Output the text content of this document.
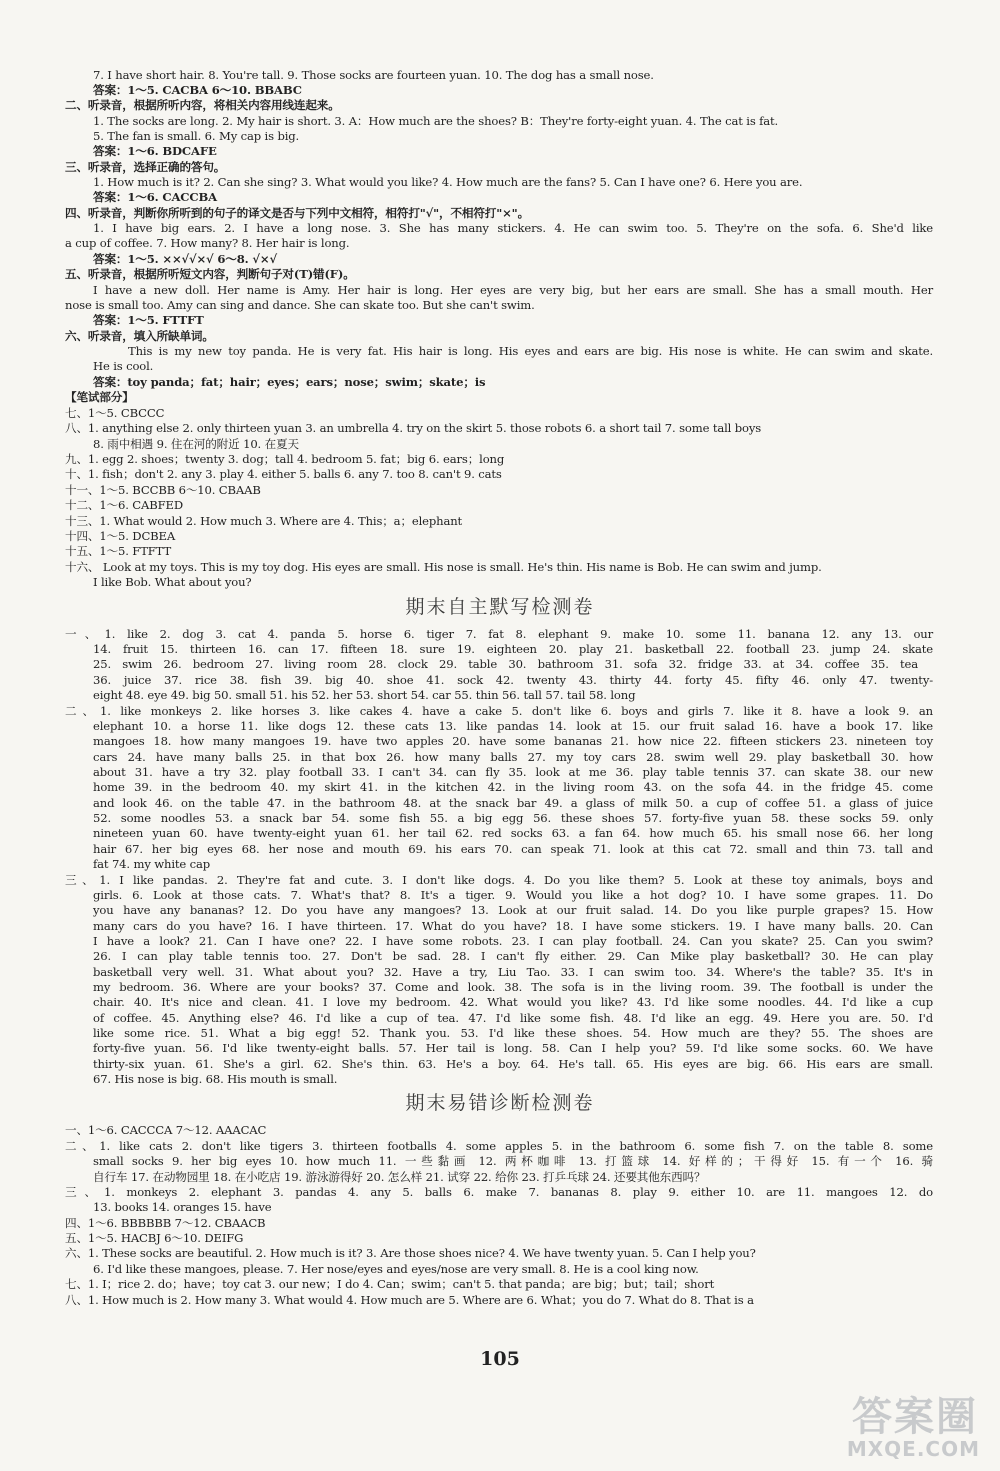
7. I have short hair. 8. You're tall. 9. Those socks are fourteen yuan. 10. The dog has a small nose.
答案：1～5. CACBA 6～10. BBABC
二、听录音，根据所听内容，将相关内容用线连起来。
1. The socks are long. 2. My hair is short. 3. A：How much are the shoes? B：They're forty-eight yuan. 4. The cat is fat.
5. The fan is small. 6. My cap is big.
答案：1～6. BDCAFE
三、听录音，选择正确的答句。
1. How much is it? 2. Can she sing? 3. What would you like? 4. How much are the fans? 5. Can I have one? 6. Here you are.
答案：1～6. CACCBA
四、听录音，判断你所听到的句子的译文是否与下列中文相符，相符打"√"，不相符打"×"。
1. I have big ears. 2. I have a long nose. 3. She has many stickers. 4. He can swim too. 5. They're on the sofa. 6. She'd like
a cup of coffee. 7. How many? 8. Her hair is long.
答案：1～5. ××√√×√ 6～8. √×√
五、听录音，根据所听短文内容，判断句子对(T)错(F)。
I have a new doll. Her name is Amy. Her hair is long. Her eyes are very big, but her ears are small. She has a small mouth. Her
nose is small too. Amy can sing and dance. She can skate too. But she can't swim.
答案：1～5. FTTFT
六、听录音，填入所缺单词。
This is my new toy panda. He is very fat. His hair is long. His eyes and ears are big. His nose is white. He can swim and skate.
He is cool.
答案：toy panda；fat；hair；eyes；ears；nose；swim；skate；is
【笔试部分】
七、1～5. CBCCC
八、1. anything else 2. only thirteen yuan 3. an umbrella 4. try on the skirt 5. those robots 6. a short tail 7. some tall boys
8. 雨中相遇 9. 住在河的附近 10. 在夏天
九、1. egg 2. shoes；twenty 3. dog；tall 4. bedroom 5. fat；big 6. ears；long
十、1. fish；don't 2. any 3. play 4. either 5. balls 6. any 7. too 8. can't 9. cats
十一、1～5. BCCBB 6～10. CBAAB
十二、1～6. CABFED
十三、1. What would 2. How much 3. Where are 4. This；a；elephant
十四、1～5. DCBEA
十五、1～5. FTFTT
十六、 Look at my toys. This is my toy dog. His eyes are small. His nose is small. He's thin. His name is Bob. He can swim and jump.
I like Bob. What about you?
一、1. like 2. dog 3. cat 4. panda 5. horse 6. tiger 7. fat 8. elephant 9. make 10. some 11. banana 12. any 13. our
14. fruit 15. thirteen 16. can 17. fifteen 18. sure 19. eighteen 20. play 21. basketball 22. football 23. jump 24. skate
25. swim 26. bedroom 27. living room 28. clock 29. table 30. bathroom 31. sofa 32. fridge 33. at 34. coffee 35. tea
36. juice 37. rice 38. fish 39. big 40. shoe 41. sock 42. twenty 43. thirty 44. forty 45. fifty 46. only 47. twenty-
eight 48. eye 49. big 50. small 51. his 52. her 53. short 54. car 55. thin 56. tall 57. tail 58. long
二、1. like monkeys 2. like horses 3. like cakes 4. have a cake 5. don't like 6. boys and girls 7. like it 8. have a look 9. an
elephant 10. a horse 11. like dogs 12. these cats 13. like pandas 14. look at 15. our fruit salad 16. have a book 17. like
mangoes 18. how many mangoes 19. have two apples 20. have some bananas 21. how nice 22. fifteen stickers 23. nineteen toy
cars 24. have many balls 25. in that box 26. how many balls 27. my toy cars 28. swim well 29. play basketball 30. how
about 31. have a try 32. play football 33. I can't 34. can fly 35. look at me 36. play table tennis 37. can skate 38. our new
home 39. in the bedroom 40. my skirt 41. in the kitchen 42. in the living room 43. on the sofa 44. in the fridge 45. come
and look 46. on the table 47. in the bathroom 48. at the snack bar 49. a glass of milk 50. a cup of coffee 51. a glass of juice
52. some noodles 53. a snack bar 54. some fish 55. a big egg 56. these shoes 57. forty-five yuan 58. these socks 59. only
nineteen yuan 60. have twenty-eight yuan 61. her tail 62. red socks 63. a fan 64. how much 65. his small nose 66. her long
hair 67. her big eyes 68. her nose and mouth 69. his ears 70. can speak 71. look at this cat 72. small and thin 73. tall and
fat 74. my white cap
三、1. I like pandas. 2. They're fat and cute. 3. I don't like dogs. 4. Do you like them? 5. Look at these toy animals, boys and
girls. 6. Look at those cats. 7. What's that? 8. It's a tiger. 9. Would you like a hot dog? 10. I have some grapes. 11. Do
you have any bananas? 12. Do you have any mangoes? 13. Look at our fruit salad. 14. Do you like purple grapes? 15. How
many cars do you have? 16. I have thirteen. 17. What do you have? 18. I have some stickers. 19. I have many balls. 20. Can
I have a look? 21. Can I have one? 22. I have some robots. 23. I can play football. 24. Can you skate? 25. Can you swim?
26. I can play table tennis too. 27. Don't be sad. 28. I can't fly either. 29. Can Mike play basketball? 30. He can play
basketball very well. 31. What about you? 32. Have a try, Liu Tao. 33. I can swim too. 34. Where's the table? 35. It's in
my bedroom. 36. Where are your books? 37. Come and look. 38. The sofa is in the living room. 39. The football is under the
chair. 40. It's nice and clean. 41. I love my bedroom. 42. What would you like? 43. I'd like some noodles. 44. I'd like a cup
of coffee. 45. Anything else? 46. I'd like a cup of tea. 47. I'd like some fish. 48. I'd like an egg. 49. Here you are. 50. I'd
like some rice. 51. What a big egg! 52. Thank you. 53. I'd like these shoes. 54. How much are they? 55. The shoes are
forty-five yuan. 56. I'd like twenty-eight balls. 57. Her tail is long. 58. Can I help you? 59. I'd like some socks. 60. We have
thirty-six yuan. 61. She's a girl. 62. She's thin. 63. He's a boy. 64. He's tall. 65. His eyes are big. 66. His ears are small.
67. His nose is big. 68. His mouth is small.
一、1～6. CACCCA 7～12. AAACAC
二、1. like cats 2. don't like tigers 3. thirteen footballs 4. some apples 5. in the bathroom 6. some fish 7. on the table 8. some
small socks 9. her big eyes 10. how much 11. 一些黏画 12. 两杯咖啡 13. 打篮球 14. 好样的；干得好 15. 有一个 16. 骑
自行车 17. 在动物园里 18. 在小吃店 19. 游泳游得好 20. 怎么样 21. 试穿 22. 给你 23. 打乒乓球 24. 还要其他东西吗？
三、1. monkeys 2. elephant 3. pandas 4. any 5. balls 6. make 7. bananas 8. play 9. either 10. are 11. mangoes 12. do
13. books 14. oranges 15. have
四、1～6. BBBBBB 7～12. CBAACB
五、1～5. HACBJ 6～10. DEIFG
六、1. These socks are beautiful. 2. How much is it? 3. Are those shoes nice? 4. We have twenty yuan. 5. Can I help you?
6. I'd like these mangoes, please. 7. Her nose/eyes and eyes/nose are very small. 8. He is a cool king now.
七、1. I；rice 2. do；have；toy cat 3. our new；I do 4. Can；swim；can't 5. that panda；are big；but；tail；short
八、1. How much is 2. How many 3. What would 4. How much are 5. Where are 6. What；you do 7. What do 8. That is a
期末自主默写检测卷
期末易错诊断检测卷
105
答案圈
MXQE.COM
